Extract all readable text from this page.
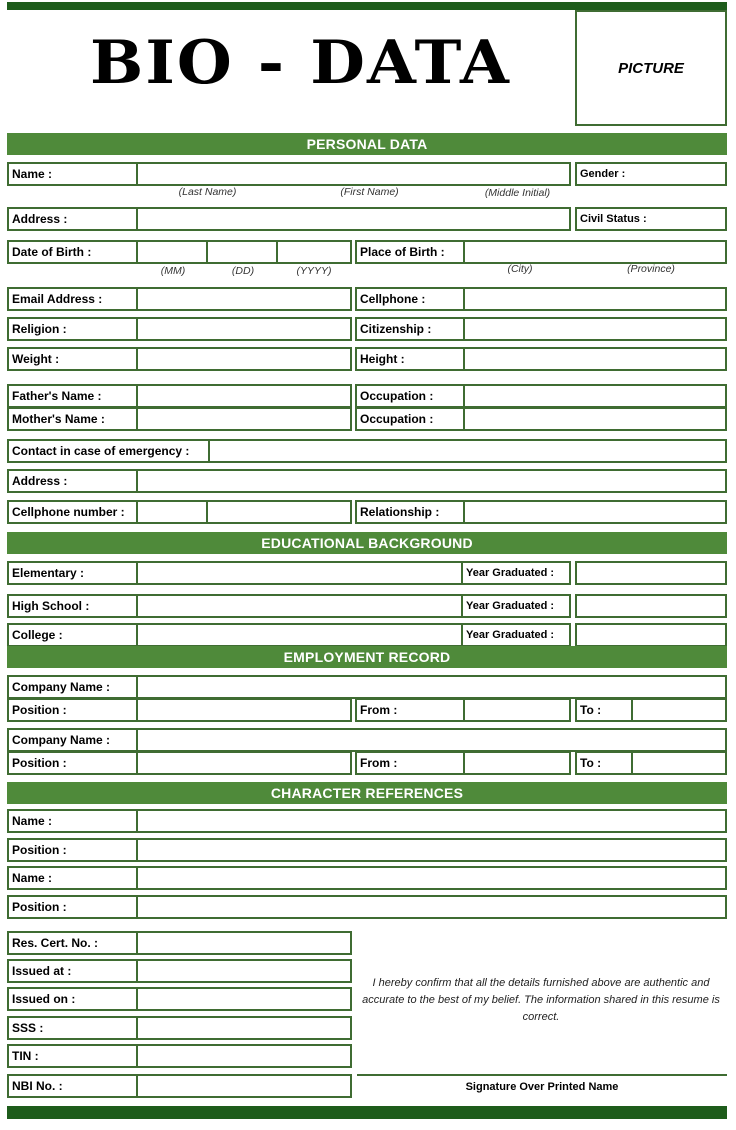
BIO - DATA	PICTURE
PERSONAL DATA
Name :	Gender :
(Last Name)	(First Name)	(Middle Initial)
Address :	Civil Status :
Date of Birth :	Place of Birth :
(MM)	(DD)	(YYYY)	(City)	(Province)
Email Address :	Cellphone :
Religion :	Citizenship :
Weight :	Height :
Father's Name :	Occupation :
Mother's Name :	Occupation :
Contact in case of emergency :
Address :
Cellphone number :	Relationship :
EDUCATIONAL BACKGROUND
Elementary :	Year Graduated :
High School :	Year Graduated :
College :	Year Graduated :
EMPLOYMENT RECORD
Company Name :
Position :	From :	To :
Company Name :
Position :	From :	To :
CHARACTER REFERENCES
Name :
Position :
Name :
Position :
Res. Cert. No. :
Issued at :
Issued on :
SSS :
TIN :
NBI No. :
I hereby confirm that all the details furnished above are authentic and accurate to the best of my belief. The information shared in this resume is correct.
Signature Over Printed Name
